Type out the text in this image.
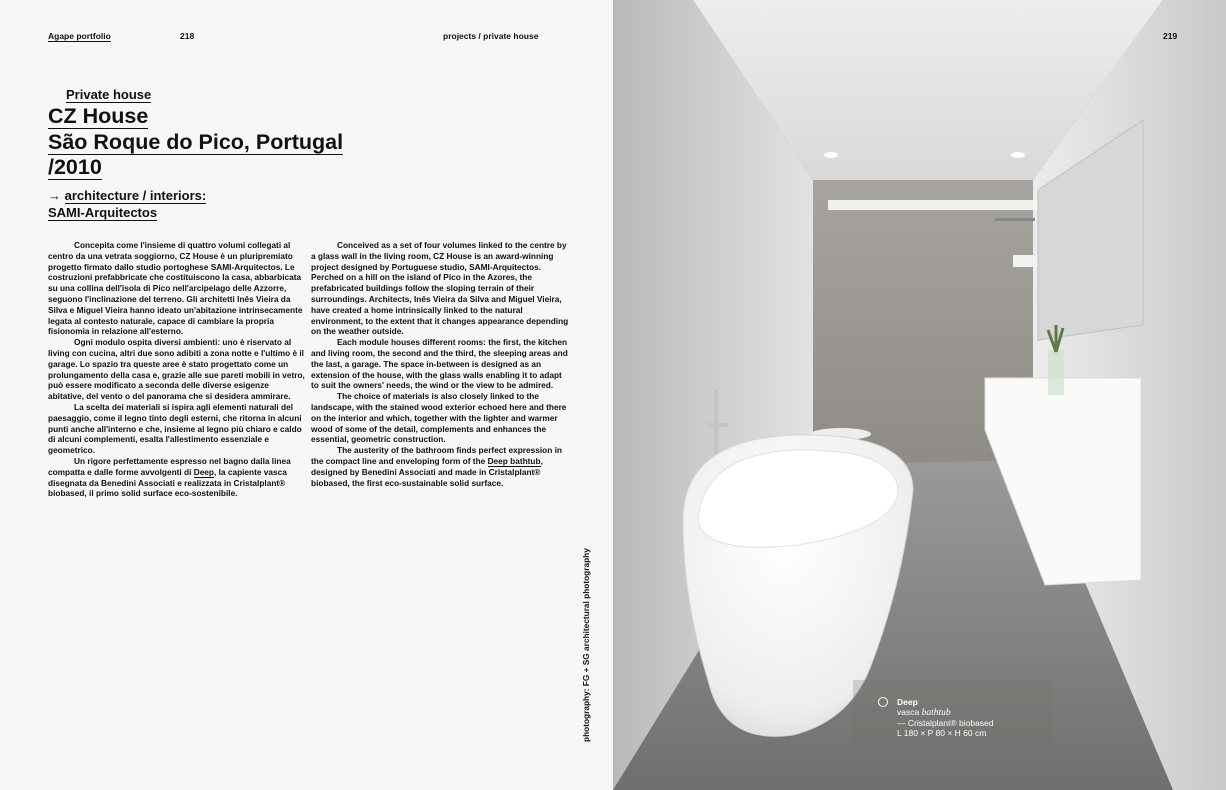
Agape portfolio	218
Private house
CZ House
São Roque do Pico, Portugal
/2010
→ architecture / interiors:
SAMI-Arquitectos

Concepita come l'insieme di quattro volumi collegati al centro da una vetrata soggiorno, CZ House è un pluripremiato progetto firmato dallo studio portoghese SAMI-Arquitectos. Le costruzioni prefabbricate che costituiscono la casa, abbarbicata su una collina dell'isola di Pico nell'arcipelago delle Azzorre, seguono l'inclinazione del terreno. Gli architetti Inês Vieira da Silva e Miguel Vieira hanno ideato un'abitazione intrinsecamente legata al contesto naturale, capace di cambiare la propria fisionomia in relazione all'esterno.

Ogni modulo ospita diversi ambienti: uno è riservato al living con cucina, altri due sono adibiti a zona notte e l'ultimo è il garage. Lo spazio tra queste aree è stato progettato come un prolungamento della casa e, grazie alle sue pareti mobili in vetro, può essere modificato a seconda delle diverse esigenze abitative, del vento o del panorama che si desidera ammirare.

La scelta dei materiali si ispira agli elementi naturali del paesaggio, come il legno tinto degli esterni, che ritorna in alcuni punti anche all'interno e che, insieme al legno più chiaro e caldo di alcuni complementi, esalta l'allestimento essenziale e geometrico.

Un rigore perfettamente espresso nel bagno dalla linea compatta e dalle forme avvolgenti di Deep, la capiente vasca disegnata da Benedini Associati e realizzata in Cristalplant® biobased, il primo solid surface eco-sostenibile.

Conceived as a set of four volumes linked to the centre by a glass wall in the living room, CZ House is an award-winning project designed by Portuguese studio, SAMI-Arquitectos. Perched on a hill on the island of Pico in the Azores, the prefabricated buildings follow the sloping terrain of their surroundings. Architects, Inês Vieira da Silva and Miguel Vieira, have created a home intrinsically linked to the natural environment, to the extent that it changes appearance depending on the weather outside.

Each module houses different rooms: the first, the kitchen and living room, the second and the third, the sleeping areas and the last, a garage. The space in-between is designed as an extension of the house, with the glass walls enabling it to adapt to suit the owners' needs, the wind or the view to be admired.

The choice of materials is also closely linked to the landscape, with the stained wood exterior echoed here and there on the interior and which, together with the lighter and warmer wood of some of the detail, complements and enhances the essential, geometric construction.

The austerity of the bathroom finds perfect expression in the compact line and enveloping form of the Deep bathtub, designed by Benedini Associati and made in Cristalplant® biobased, the first eco-sustainable solid surface.

photography: FG + SG architectural photography
projects / private house	219
Deep
vasca bathtub
— Cristalplant® biobased
L 180 × P 80 × H 60 cm
